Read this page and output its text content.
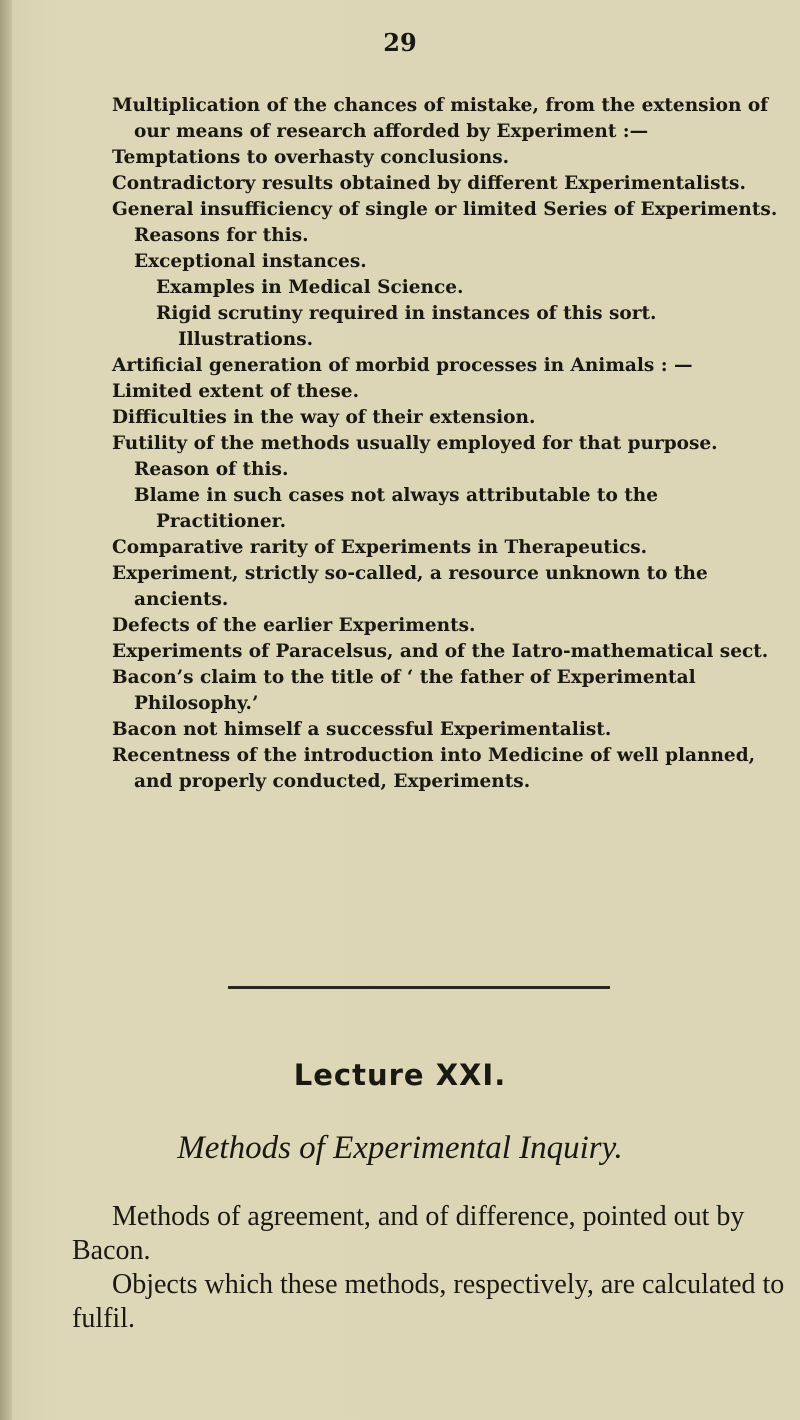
29
Multiplication of the chances of mistake, from the extension of our means of research afforded by Experiment :—
Temptations to overhasty conclusions.
Contradictory results obtained by different Experimentalists.
General insufficiency of single or limited Series of Experiments.
Reasons for this.
Exceptional instances.
Examples in Medical Science.
Rigid scrutiny required in instances of this sort. Illustrations.
Artificial generation of morbid processes in Animals : —
Limited extent of these.
Difficulties in the way of their extension.
Futility of the methods usually employed for that purpose.
Reason of this.
Blame in such cases not always attributable to the Practitioner.
Comparative rarity of Experiments in Therapeutics.
Experiment, strictly so-called, a resource unknown to the ancients.
Defects of the earlier Experiments.
Experiments of Paracelsus, and of the Iatro-mathematical sect.
Bacon’s claim to the title of ‘ the father of Experimental Philosophy.’
Bacon not himself a successful Experimentalist.
Recentness of the introduction into Medicine of well planned, and properly conducted, Experiments.
Lecture XXI.
Methods of Experimental Inquiry.

Methods of agreement, and of difference, pointed out by Bacon.

Objects which these methods, respectively, are calculated to fulfil.
